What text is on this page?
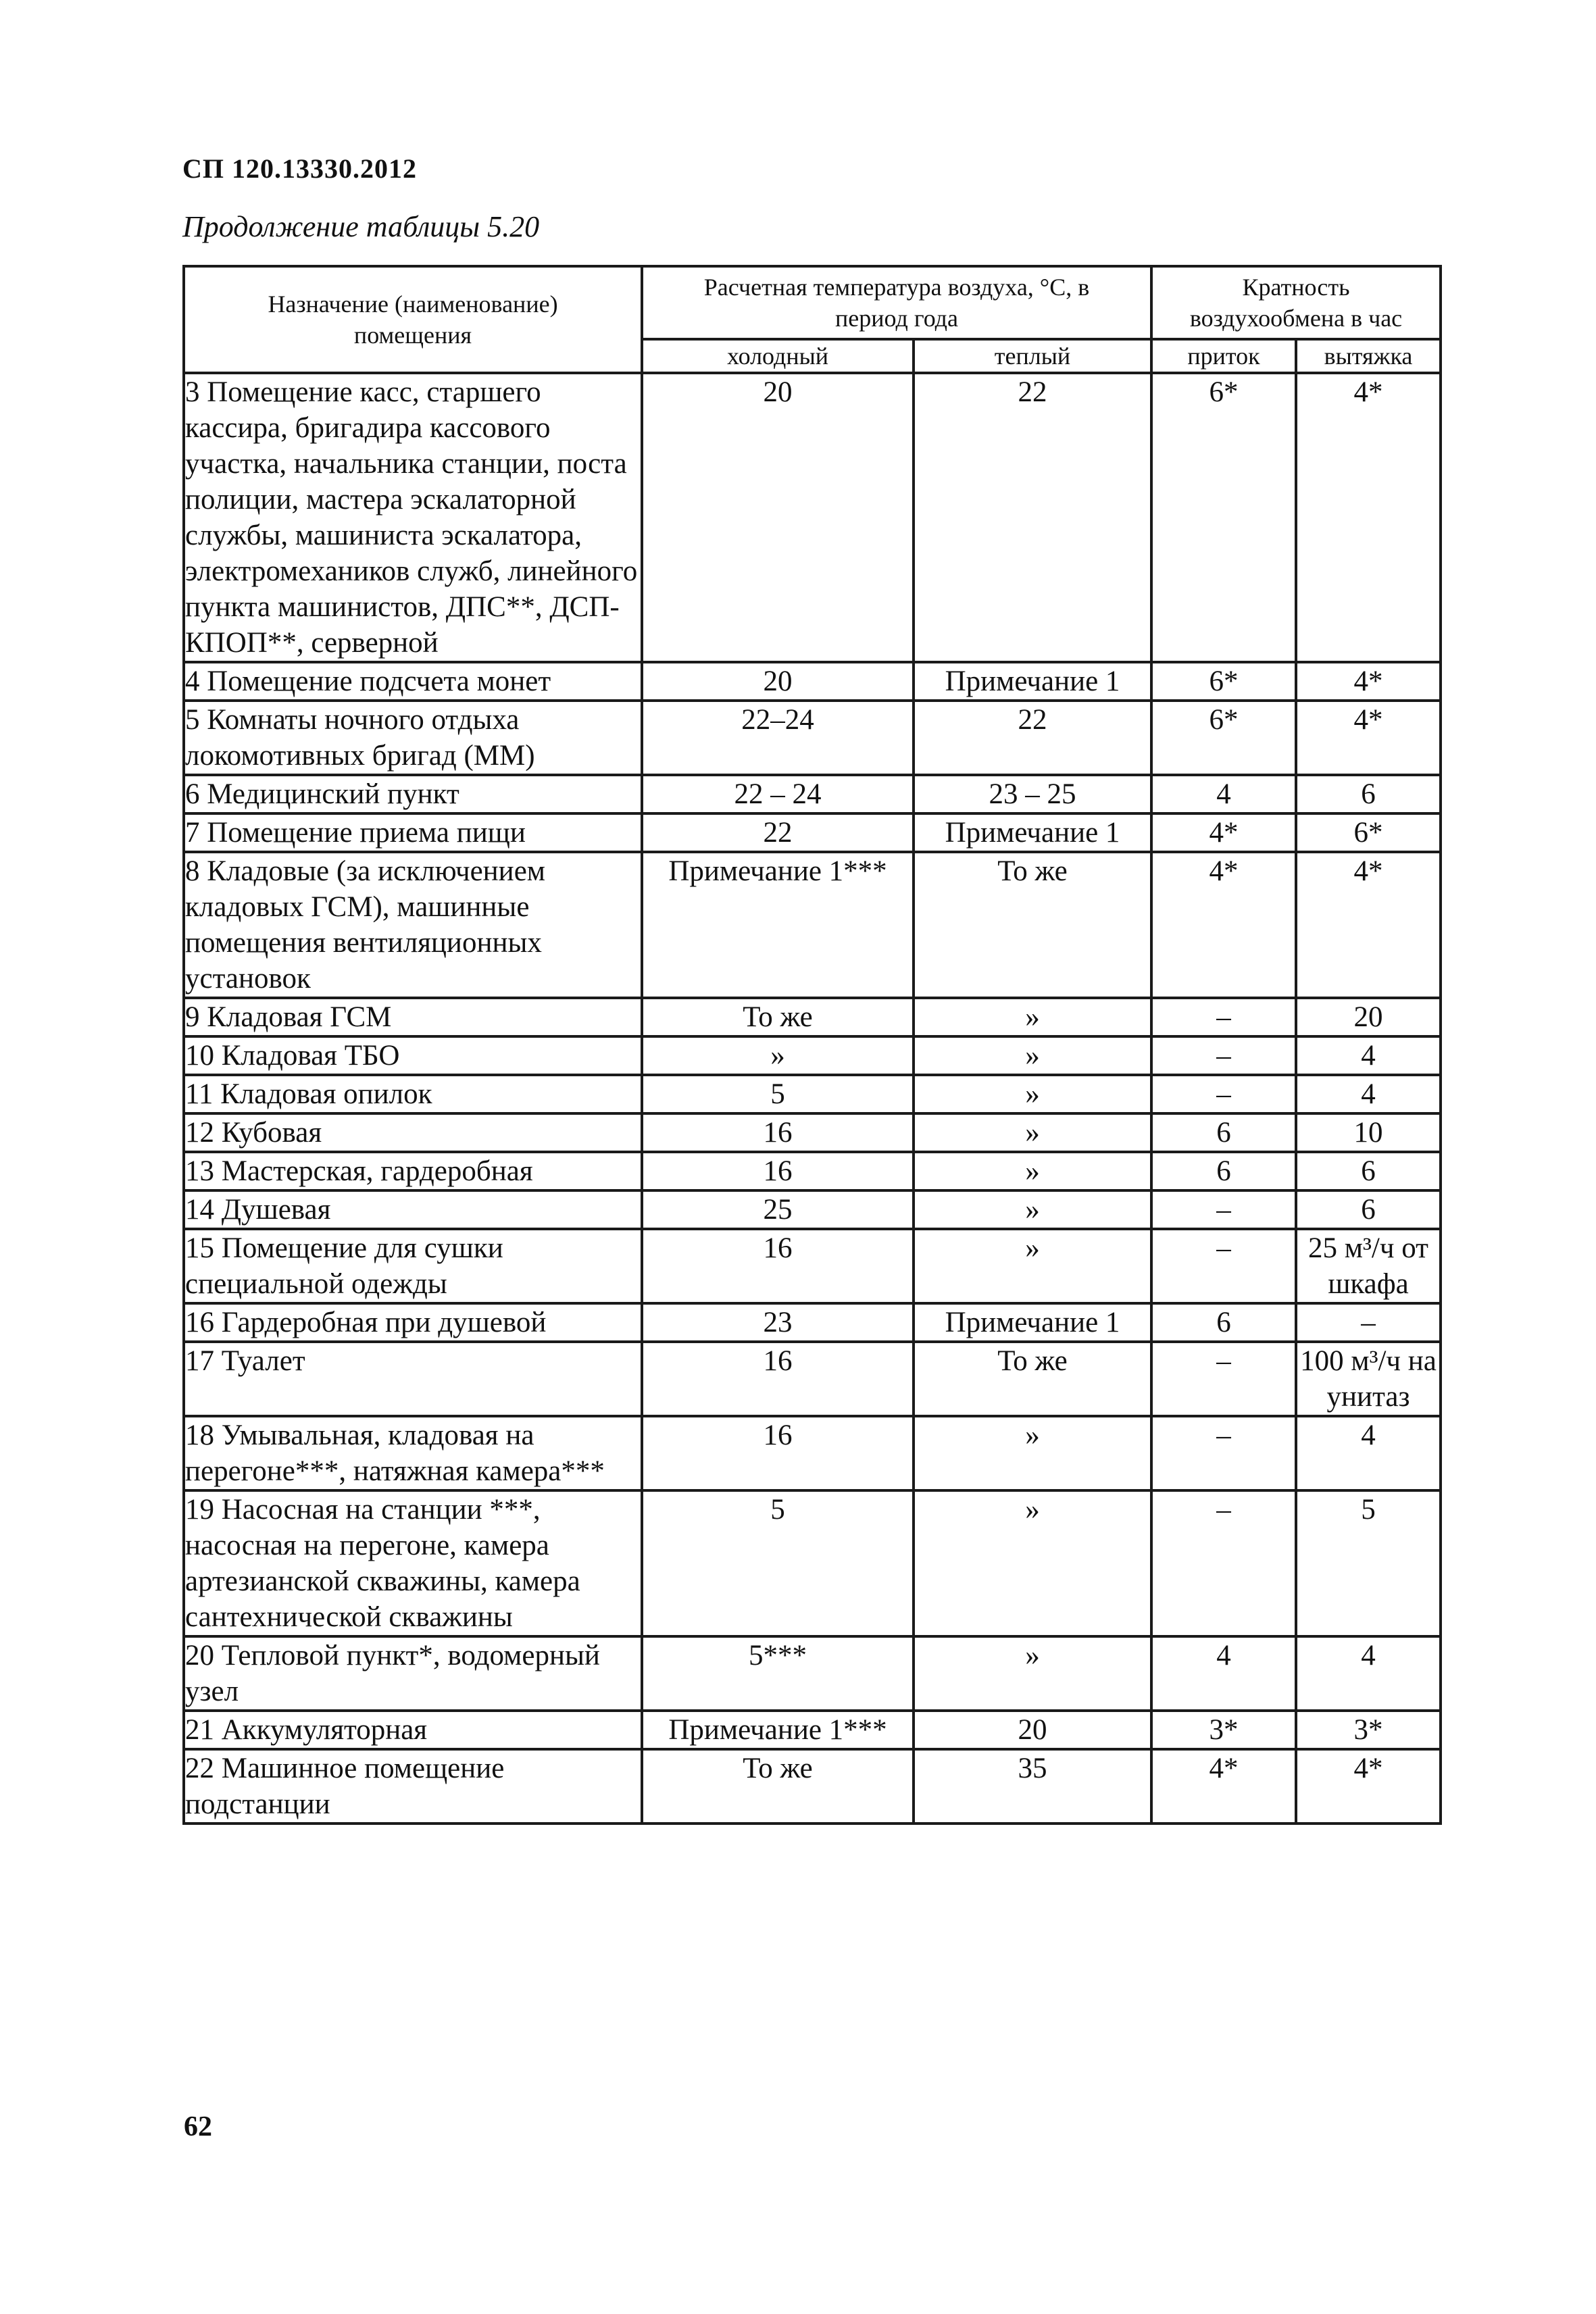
СП 120.13330.2012
Продолжение таблицы 5.20
Назначение (наименование) помещения	Расчетная температура воздуха, °С, в период года		Кратность воздухообмена в час	
	холодный	теплый	приток	вытяжка
3 Помещение касс, старшего кассира, бригадира кассового участка, начальника станции, поста полиции, мастера эскалаторной службы, машиниста эскалатора, электромехаников служб, линейного пункта машинистов, ДПС**, ДСП-КПОП**, серверной	20	22	6*	4*
4 Помещение подсчета монет	20	Примечание 1	6*	4*
5 Комнаты ночного отдыха локомотивных бригад (ММ)	22–24	22	6*	4*
6 Медицинский пункт	22 – 24	23 – 25	4	6
7 Помещение приема пищи	22	Примечание 1	4*	6*
8 Кладовые (за исключением кладовых ГСМ), машинные помещения вентиляционных установок	Примечание 1***	То же	4*	4*
9 Кладовая ГСМ	То же	»	–	20
10 Кладовая ТБО	»	»	–	4
11 Кладовая опилок	5	»	–	4
12 Кубовая	16	»	6	10
13 Мастерская, гардеробная	16	»	6	6
14 Душевая	25	»	–	6
15 Помещение для сушки специальной одежды	16	»	–	25 м³/ч от шкафа
16 Гардеробная при душевой	23	Примечание 1	6	–
17 Туалет	16	То же	–	100 м³/ч на унитаз
18 Умывальная, кладовая на перегоне***, натяжная камера***	16	»	–	4
19 Насосная на станции ***, насосная на перегоне, камера артезианской скважины, камера сантехнической скважины	5	»	–	5
20 Тепловой пункт*, водомерный узел	5***	»	4	4
21 Аккумуляторная	Примечание 1***	20	3*	3*
22 Машинное помещение подстанции	То же	35	4*	4*
62
